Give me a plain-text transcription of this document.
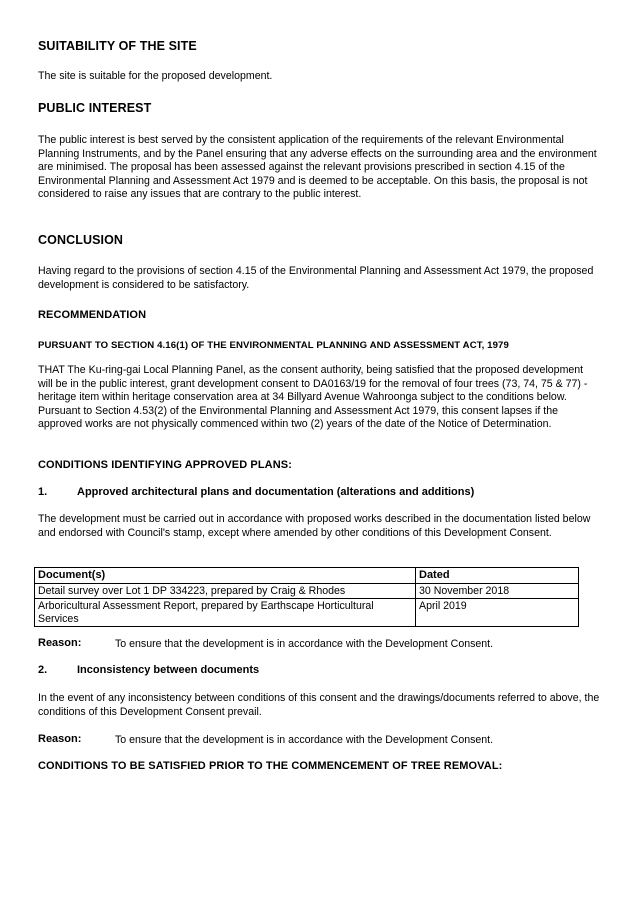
SUITABILITY OF THE SITE

The site is suitable for the proposed development.

PUBLIC INTEREST

The public interest is best served by the consistent application of the requirements of the relevant Environmental Planning Instruments, and by the Panel ensuring that any adverse effects on the surrounding area and the environment are minimised. The proposal has been assessed against the relevant provisions prescribed in section 4.15 of the Environmental Planning and Assessment Act 1979 and is deemed to be acceptable. On this basis, the proposal is not considered to raise any issues that are contrary to the public interest.

CONCLUSION

Having regard to the provisions of section 4.15 of the Environmental Planning and Assessment Act 1979, the proposed development is considered to be satisfactory.

RECOMMENDATION
PURSUANT TO SECTION 4.16(1) OF THE ENVIRONMENTAL PLANNING AND ASSESSMENT ACT, 1979

THAT The Ku-ring-gai Local Planning Panel, as the consent authority, being satisfied that the proposed development will be in the public interest, grant development consent to DA0163/19 for the removal of four trees (73, 74, 75 & 77) - heritage item within heritage conservation area at 34 Billyard Avenue Wahroonga subject to the conditions below. Pursuant to Section 4.53(2) of the Environmental Planning and Assessment Act 1979, this consent lapses if the approved works are not physically commenced within two (2) years of the date of the Notice of Determination.

CONDITIONS IDENTIFYING APPROVED PLANS:
1.	Approved architectural plans and documentation (alterations and additions)

The development must be carried out in accordance with proposed works described in the documentation listed below and endorsed with Council's stamp, except where amended by other conditions of this Development Consent.

Document(s)	Dated
Detail survey over Lot 1 DP 334223, prepared by Craig & Rhodes	30 November 2018
Arboricultural Assessment Report, prepared by Earthscape Horticultural Services	April 2019
Reason:	To ensure that the development is in accordance with the Development Consent.
2.	Inconsistency between documents

In the event of any inconsistency between conditions of this consent and the drawings/documents referred to above, the conditions of this Development Consent prevail.

Reason:	To ensure that the development is in accordance with the Development Consent.
CONDITIONS TO BE SATISFIED PRIOR TO THE COMMENCEMENT OF TREE REMOVAL:
